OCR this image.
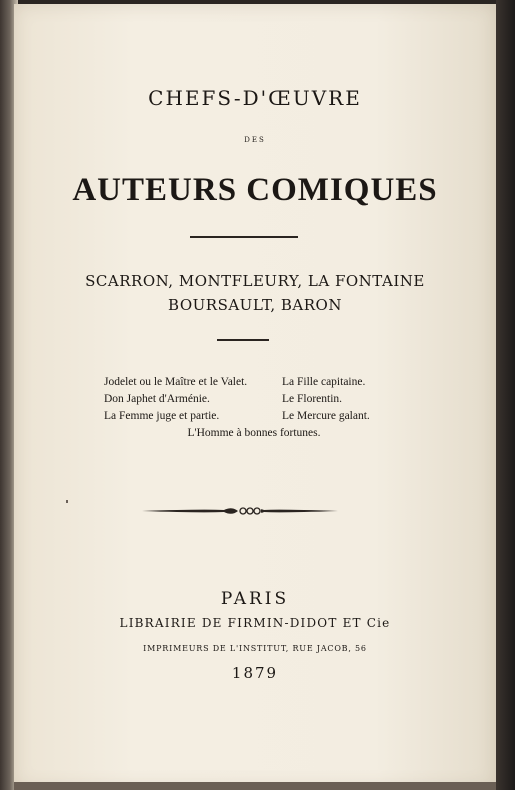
CHEFS-D'ŒUVRE
DES
AUTEURS COMIQUES
SCARRON, MONTFLEURY, LA FONTAINE
BOURSAULT, BARON
Jodelet ou le Maître et le Valet.	La Fille capitaine.
Don Japhet d'Arménie.	Le Florentin.
La Femme juge et partie.	Le Mercure galant.
L'Homme à bonnes fortunes.
PARIS
LIBRAIRIE DE FIRMIN-DIDOT ET Cie
IMPRIMEURS DE L'INSTITUT, RUE JACOB, 56
1879
